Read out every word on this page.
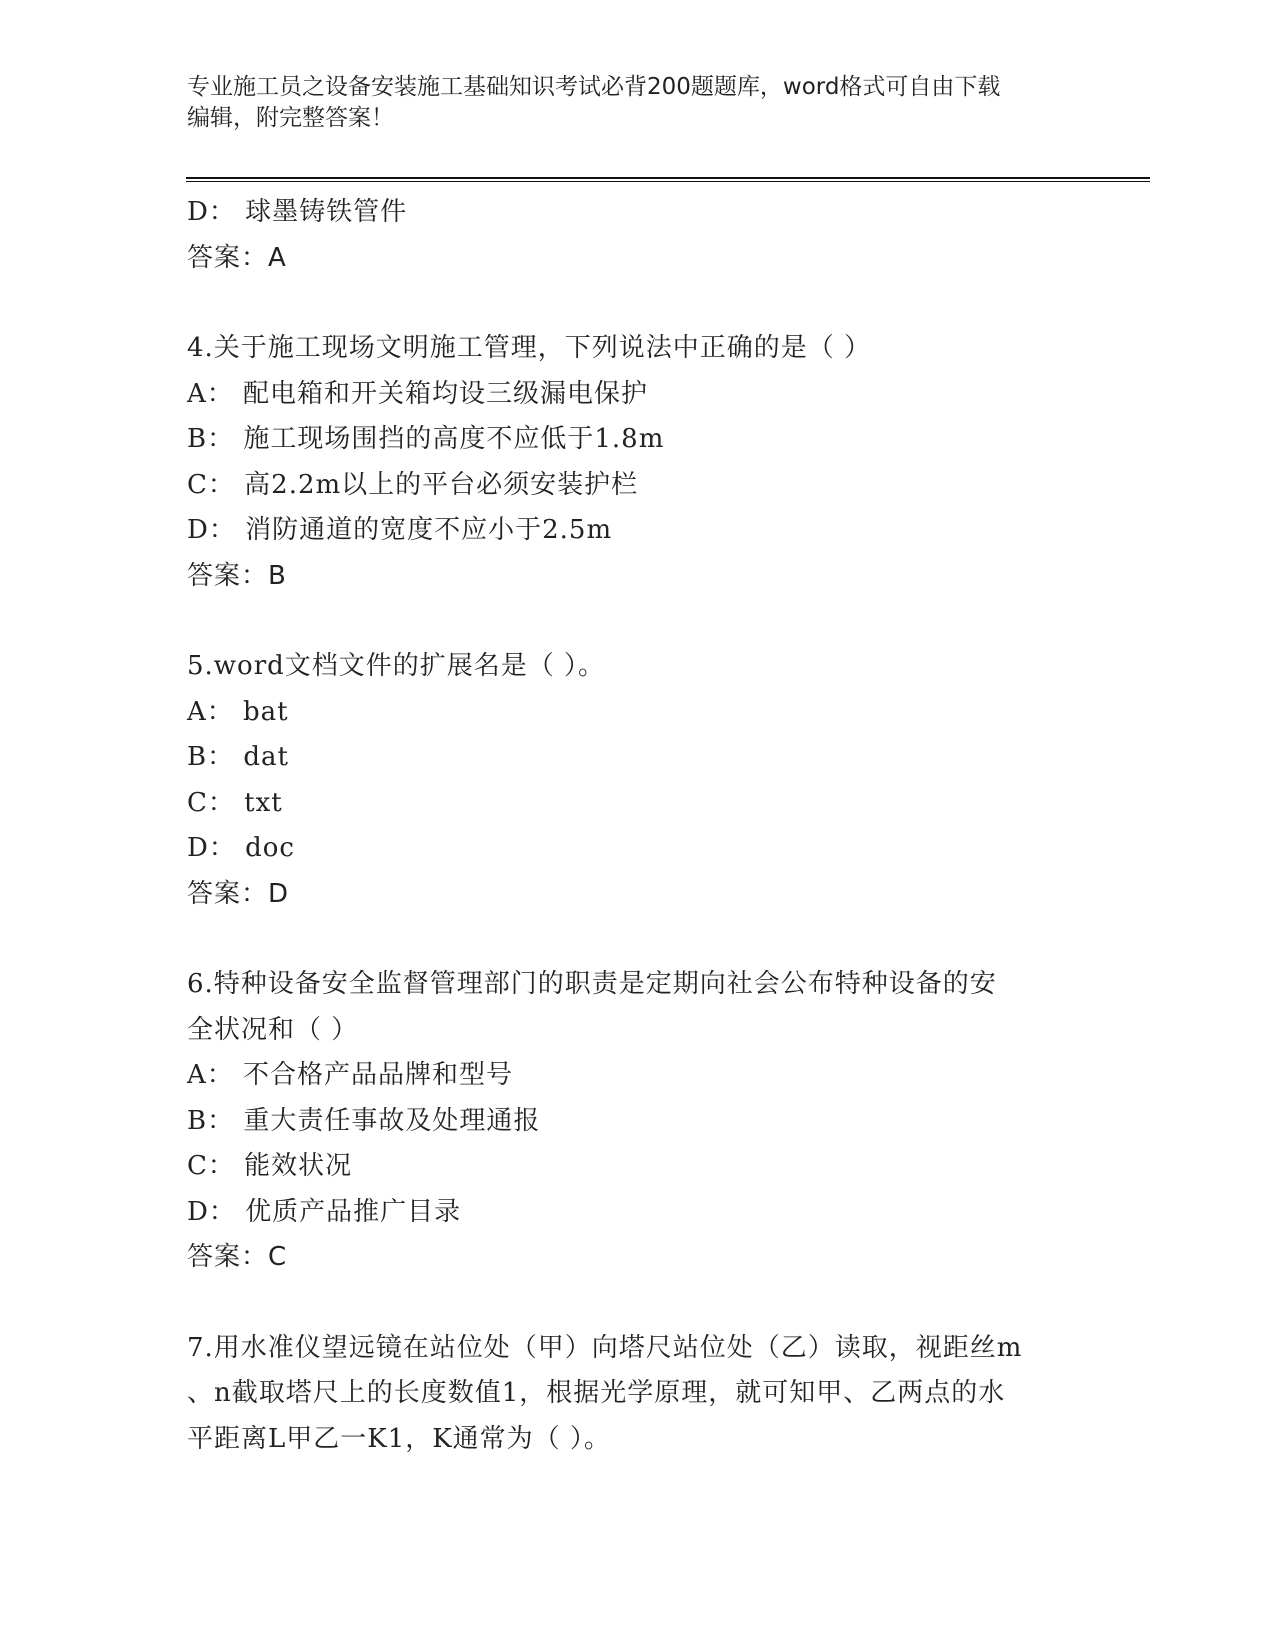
专业施工员之设备安装施工基础知识考试必背200题题库，word格式可自由下载
编辑，附完整答案！
D： 球墨铸铁管件
答案：A
4.关于施工现场文明施工管理，下列说法中正确的是（ ）
A： 配电箱和开关箱均设三级漏电保护
B： 施工现场围挡的高度不应低于1.8m
C： 高2.2m以上的平台必须安装护栏
D： 消防通道的宽度不应小于2.5m
答案：B
5.word文档文件的扩展名是（ ）。
A： bat
B： dat
C： txt
D： doc
答案：D
6.特种设备安全监督管理部门的职责是定期向社会公布特种设备的安
全状况和（ ）
A： 不合格产品品牌和型号
B： 重大责任事故及处理通报
C： 能效状况
D： 优质产品推广目录
答案：C
7.用水准仪望远镜在站位处（甲）向塔尺站位处（乙）读取，视距丝m
、n截取塔尺上的长度数值1，根据光学原理，就可知甲、乙两点的水
平距离L甲乙一K1，K通常为（ ）。
